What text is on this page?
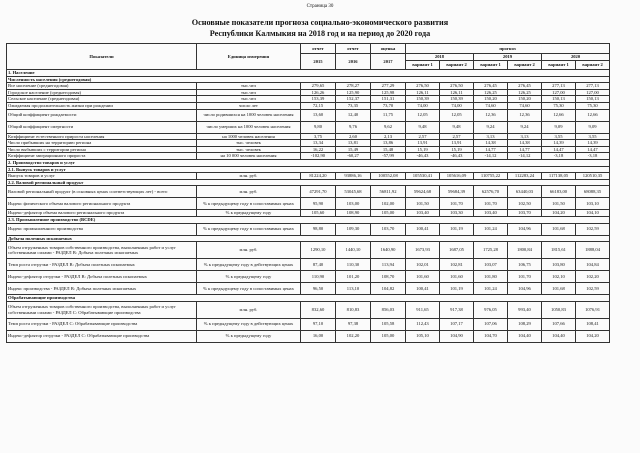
Страница 30
Основные показатели прогноза социально-экономического развития
Республики Калмыкия на 2018 год и на период до 2020 года
Показатели	Единица измерения	отчет	отчет	оценка	прогноз					
		2015	2016	2017	2018		2019		2020	
					вариант 1	вариант 2	вариант 1	вариант 2	вариант 1	вариант 2
1. Население										
Численность населения (среднегодовая)										
Все население (среднегодовая)	тыс.чел	279,65	278,27	277,29	276,50	276,50	276,45	276,45	277,13	277,13
Городское население (среднегодовая)	тыс.чел	126,26	125,90	125,98	126,11	126,11	126,25	126,25	127,00	127,00
Сельское население (среднегодовая)	тыс.чел	153,39	152,37	151,31	150,39	150,39	150,20	150,20	150,13	150,13
Ожидаемая продолжительность жизни при рождении	число лет	72,15	73,35	73,70	74,00	74,00	74,60	74,60	75,30	75,30
Общий коэффициент рождаемости	число родившихся на 1000 человек населения	13,60	12,40	11,75	12,05	12,05	12,36	12,36	12,66	12,66
Общий коэффициент смертности	число умерших на 1000 человек населения	9,80	9,76	9,62	9,48	9,48	9,24	9,24	9,09	9,09
Коэффициент естественного прироста населения	на 1000 человек населения	3,75	2,60	2,13	2,57	2,57	3,13	3,13	3,55	3,55
Число прибывших на территорию региона	тыс. человек	13,34	13,81	13,86	13,91	13,91	14,38	14,38	14,39	14,39
Число выбывших с территории региона	тыс. человек	16,22	15,49	15,48	15,19	15,19	14,77	14,77	14,47	14,47
Коэффициент миграционного прироста	на 10 000 человек населения	-102,90	-60,27	-57,99	-46,43	-46,43	-14,12	-14,12	-3,18	-3,18
2. Производство товаров и услуг										
2.1. Выпуск товаров и услуг										
Выпуск товаров и услуг	млн. руб.	81224,20	93886,16	100552,08	105530,41	105616,09	110755,22	112283,24	117138,05	120510,35
2.2. Валовой региональный продукт										
Валовой региональный продукт (в основных ценах соответствующих лет) - всего	млн. руб.	47291,70	53045,68	56811,92	59624,68	59684,39	62576,70	63440,03	66183,00	68088,35
Индекс физического объема валового регионального продукта	% к предыдущему году в сопоставимых ценах	95,90	103,00	102,00	101,50	101,70	101,70	102,50	101,50	103,10
Индекс-дефлятор объема валового регионального продукта	% к предыдущему году	105,60	108,90	105,00	103,40	103,30	103,40	103,70	104,20	104,10
2.3. Промышленное производство (ВСDЕ)										
Индекс промышленного производства	% к предыдущему году в сопоставимых ценах	98,80	109,30	103,70	100,41	101,19	101,24	104,96	101,68	102,59
Добыча полезных ископаемых										
Объем отгруженных товаров собственного производства, выполненных работ и услуг собственными силами - РАЗДЕЛ В: Добыча полезных ископаемых	млн. руб.	1290,10	1440,10	1640,90	1673,93	1687,05	1725,28	1800,84	1815,61	1888,04
Темп роста отгрузки - РАЗДЕЛ В: Добыча полезных ископаемых	% к предыдущему году в действующих ценах	87,40	110,30	113,94	102,01	102,81	103,07	106,75	103,80	104,84
Индекс-дефлятор отгрузки - РАЗДЕЛ В: Добыча полезных ископаемых	% к предыдущему году	110,90	101,20	108,70	101,60	101,60	101,80	101,70	102,10	102,20
Индекс производства - РАЗДЕЛ В: Добыча полезных ископаемых	% к предыдущему году в сопоставимых ценах	96,50	113,10	104,82	100,41	101,19	101,24	104,96	101,68	102,59
Обрабатывающие производства										
Объем отгруженных товаров собственного производства, выполненных работ и услуг собственными силами - РАЗДЕЛ С: Обрабатывающие производства	млн. руб.	832,60	810,83	856,03	911,65	917,38	976,05	993,40	1050,83	1076,91
Темп роста отгрузки - РАЗДЕЛ С: Обрабатывающие производства	% к предыдущему году в действующих ценах	97,10	97,38	105,58	112,43	107,17	107,06	108,29	107,66	108,41
Индекс-дефлятор отгрузки - РАЗДЕЛ С: Обрабатывающие производства	% к предыдущему году	16,00	102,20	105,00	105,10	104,90	104,70	104,40	104,40	104,20
